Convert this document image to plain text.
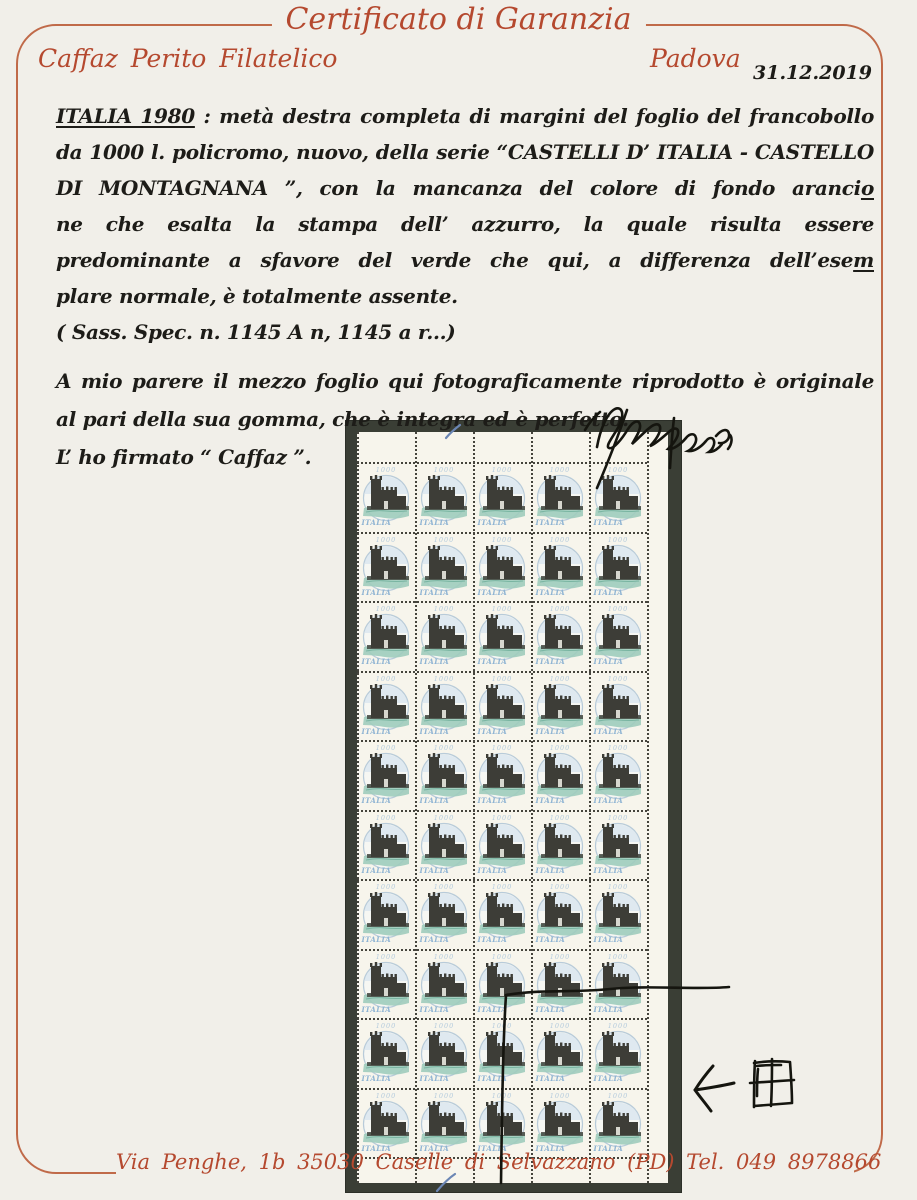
Certificato di Garanzia
Caffaz Perito Filatelico	Padova 31.12.2019
ITALIA 1980 : metà destra completa di margini del foglio del francobollo
da 1000 l. policromo, nuovo, della serie “CASTELLI D’ ITALIA - CASTELLO
DI MONTAGNANA ”, con la mancanza del colore di fondo arancio
ne che esalta la stampa dell’ azzurro, la quale risulta essere
predominante a sfavore del verde che qui, a differenza dell’esem
plare normale, è totalmente assente.
( Sass. Spec. n. 1145 A n, 1145 a r...)
A mio parere il mezzo foglio qui fotograficamente riprodotto è originale
al pari della sua gomma, che è integra ed è perfetto.
L’ ho firmato “ Caffaz ”.
1000
ITALIA
1000
ITALIA
1000
ITALIA
1000
ITALIA
1000
ITALIA
1000
ITALIA
1000
ITALIA
1000
ITALIA
1000
ITALIA
1000
ITALIA
1000
ITALIA
1000
ITALIA
1000
ITALIA
1000
ITALIA
1000
ITALIA
1000
ITALIA
1000
ITALIA
1000
ITALIA
1000
ITALIA
1000
ITALIA
1000
ITALIA
1000
ITALIA
1000
ITALIA
1000
ITALIA
1000
ITALIA
1000
ITALIA
1000
ITALIA
1000
ITALIA
1000
ITALIA
1000
ITALIA
1000
ITALIA
1000
ITALIA
1000
ITALIA
1000
ITALIA
1000
ITALIA
1000
ITALIA
1000
ITALIA
1000
ITALIA
1000
ITALIA
1000
ITALIA
1000
ITALIA
1000
ITALIA
1000
ITALIA
1000
ITALIA
1000
ITALIA
1000
ITALIA
1000
ITALIA
1000
ITALIA
1000
ITALIA
1000
ITALIA
Via Penghe, 1b 35030 Caselle di Selvazzano (PD) Tel. 049 8978866
